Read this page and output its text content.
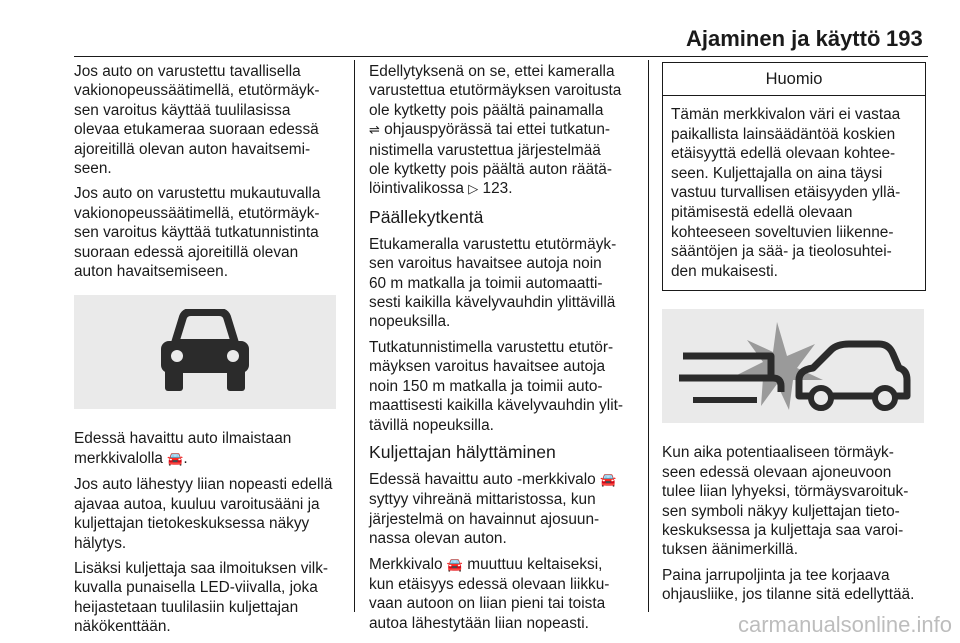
Ajaminen ja käyttö 193

Jos auto on varustettu tavallisella
vakionopeussäätimellä, etutörmäyk-
sen varoitus käyttää tuulilasissa
olevaa etukameraa suoraan edessä
ajoreitillä olevan auton havaitsemi-
seen.

Jos auto on varustettu mukautuvalla
vakionopeussäätimellä, etutörmäyk-
sen varoitus käyttää tutkatunnistinta
suoraan edessä ajoreitillä olevan
auton havaitsemiseen.

Edessä havaittu auto ilmaistaan
merkkivalolla 🚘.

Jos auto lähestyy liian nopeasti edellä
ajavaa autoa, kuuluu varoitusääni ja
kuljettajan tietokeskuksessa näkyy
hälytys.

Lisäksi kuljettaja saa ilmoituksen vilk-
kuvalla punaisella LED-viivalla, joka
heijastetaan tuulilasiin kuljettajan
näkökenttään.

Edellytyksenä on se, ettei kameralla
varustettua etutörmäyksen varoitusta
ole kytketty pois päältä painamalla
⇌ ohjauspyörässä tai ettei tutkatun-
nistimella varustettua järjestelmää
ole kytketty pois päältä auton räätä-
löintivalikossa ▷ 123.

Päällekytkentä

Etukameralla varustettu etutörmäyk-
sen varoitus havaitsee autoja noin
60 m matkalla ja toimii automaatti-
sesti kaikilla kävelyvauhdin ylittävillä
nopeuksilla.

Tutkatunnistimella varustettu etutör-
mäyksen varoitus havaitsee autoja
noin 150 m matkalla ja toimii auto-
maattisesti kaikilla kävelyvauhdin ylit-
tävillä nopeuksilla.

Kuljettajan hälyttäminen

Edessä havaittu auto -merkkivalo 🚘
syttyy vihreänä mittaristossa, kun
järjestelmä on havainnut ajosuun-
nassa olevan auton.

Merkkivalo 🚘 muuttuu keltaiseksi,
kun etäisyys edessä olevaan liikku-
vaan autoon on liian pieni tai toista
autoa lähestytään liian nopeasti.

Huomio
Tämän merkkivalon väri ei vastaa
paikallista lainsäädäntöä koskien
etäisyyttä edellä olevaan kohtee-
seen. Kuljettajalla on aina täysi
vastuu turvallisen etäisyyden yllä-
pitämisestä edellä olevaan
kohteeseen soveltuvien liikenne-
sääntöjen ja sää- ja tieolosuhtei-
den mukaisesti.

Kun aika potentiaaliseen törmäyk-
seen edessä olevaan ajoneuvoon
tulee liian lyhyeksi, törmäysvaroituk-
sen symboli näkyy kuljettajan tieto-
keskuksessa ja kuljettaja saa varoi-
tuksen äänimerkillä.

Paina jarrupoljinta ja tee korjaava
ohjausliike, jos tilanne sitä edellyttää.

carmanualsonline.info
